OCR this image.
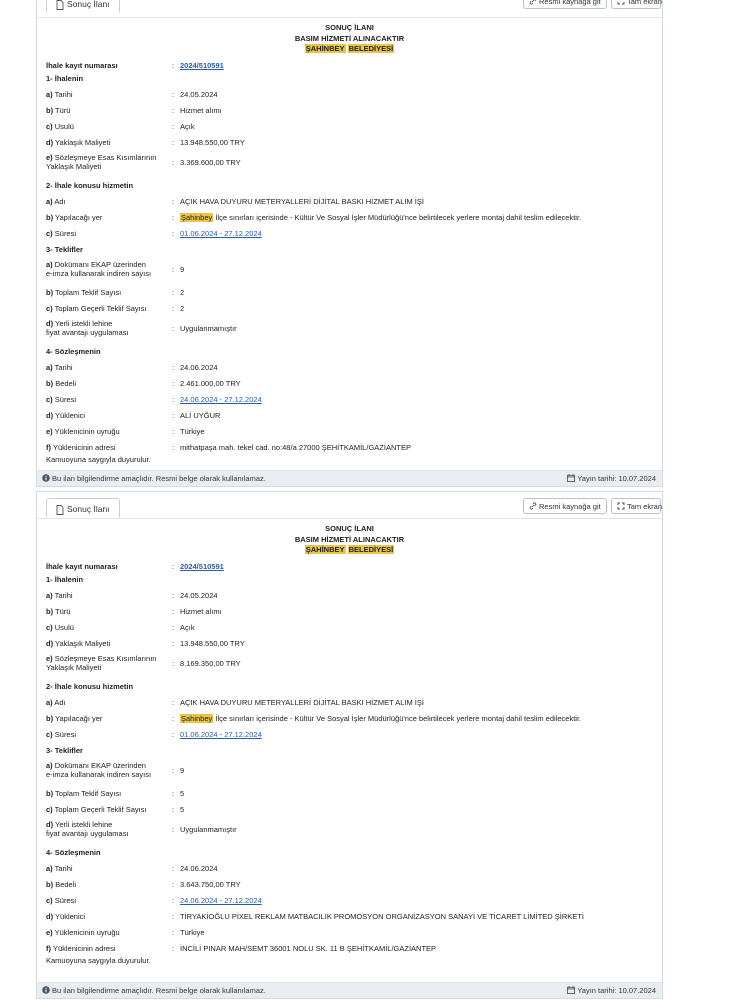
Sonuç İlanı	Resmi kaynağa git	Tam ekran
SONUÇ İLANI
BASIM HİZMETİ ALINACAKTIR
ŞAHİNBEY BELEDİYESİ
İhale kayıt numarası	: 2024/510591
1- İhalenin
a) Tarihi	: 24.05.2024
b) Türü	: Hizmet alımı
c) Usulü	: Açık
d) Yaklaşık Maliyeti	: 13.948.550,00 TRY
e) Sözleşmeye Esas Kısımlarının
Yaklaşık Maliyeti	: 3.369.600,00 TRY
2- İhale konusu hizmetin
a) Adı	: AÇIK HAVA DUYURU METERYALLERİ DİJİTAL BASKI HİZMET ALIM İŞİ
b) Yapılacağı yer	: Şahinbey İlçe sınırları içerisinde - Kültür Ve Sosyal İşler Müdürlüğü'nce belirtilecek yerlere montaj dahil teslim edilecektir.
c) Süresi	: 01.06.2024 - 27.12.2024
3- Teklifler
a) Dokümanı EKAP üzerinden
e-imza kullanarak indiren sayısı	: 9
b) Toplam Teklif Sayısı	: 2
c) Toplam Geçerli Teklif Sayısı	: 2
d) Yerli istekli lehine
fiyat avantajı uygulaması	: Uygulanmamıştır
4- Sözleşmenin
a) Tarihi	: 24.06.2024
b) Bedeli	: 2.461.000,00 TRY
c) Süresi	: 24.06.2024 - 27.12.2024
d) Yüklenici	: ALİ UYĞUR
e) Yüklenicinin uyruğu	: Türkiye
f) Yüklenicinin adresi	: mithatpaşa mah. tekel cad. no:48/a 27000 ŞEHİTKAMİL/GAZİANTEP
Kamuoyuna saygıyla duyurulur.
Bu ilan bilgilendirme amaçlıdır. Resmi belge olarak kullanılamaz.	Yayın tarihi: 10.07.2024
Sonuç İlanı	Resmi kaynağa git	Tam ekran
SONUÇ İLANI
BASIM HİZMETİ ALINACAKTIR
ŞAHİNBEY BELEDİYESİ
İhale kayıt numarası	: 2024/510591
1- İhalenin
a) Tarihi	: 24.05.2024
b) Türü	: Hizmet alımı
c) Usulü	: Açık
d) Yaklaşık Maliyeti	: 13.948.550,00 TRY
e) Sözleşmeye Esas Kısımlarının
Yaklaşık Maliyeti	: 8.169.350,00 TRY
2- İhale konusu hizmetin
a) Adı	: AÇIK HAVA DUYURU METERYALLERİ DİJİTAL BASKI HİZMET ALIM İŞİ
b) Yapılacağı yer	: Şahinbey İlçe sınırları içerisinde - Kültür Ve Sosyal İşler Müdürlüğü'nce belirtilecek yerlere montaj dahil teslim edilecektir.
c) Süresi	: 01.06.2024 - 27.12.2024
3- Teklifler
a) Dokümanı EKAP üzerinden
e-imza kullanarak indiren sayısı	: 9
b) Toplam Teklif Sayısı	: 5
c) Toplam Geçerli Teklif Sayısı	: 5
d) Yerli istekli lehine
fiyat avantajı uygulaması	: Uygulanmamıştır
4- Sözleşmenin
a) Tarihi	: 24.06.2024
b) Bedeli	: 3.643.750,00 TRY
c) Süresi	: 24.06.2024 - 27.12.2024
d) Yüklenici	: TİRYAKİOĞLU PİXEL REKLAM MATBACILIK PROMOSYON ORGANİZASYON SANAYİ VE TİCARET LİMİTED ŞİRKETİ
e) Yüklenicinin uyruğu	: Türkiye
f) Yüklenicinin adresi	: İNCİLİ PINAR MAH/SEMT 36001 NOLU SK. 11 B ŞEHİTKAMİL/GAZİANTEP
Kamuoyuna saygıyla duyurulur.
Bu ilan bilgilendirme amaçlıdır. Resmi belge olarak kullanılamaz.	Yayın tarihi: 10.07.2024
